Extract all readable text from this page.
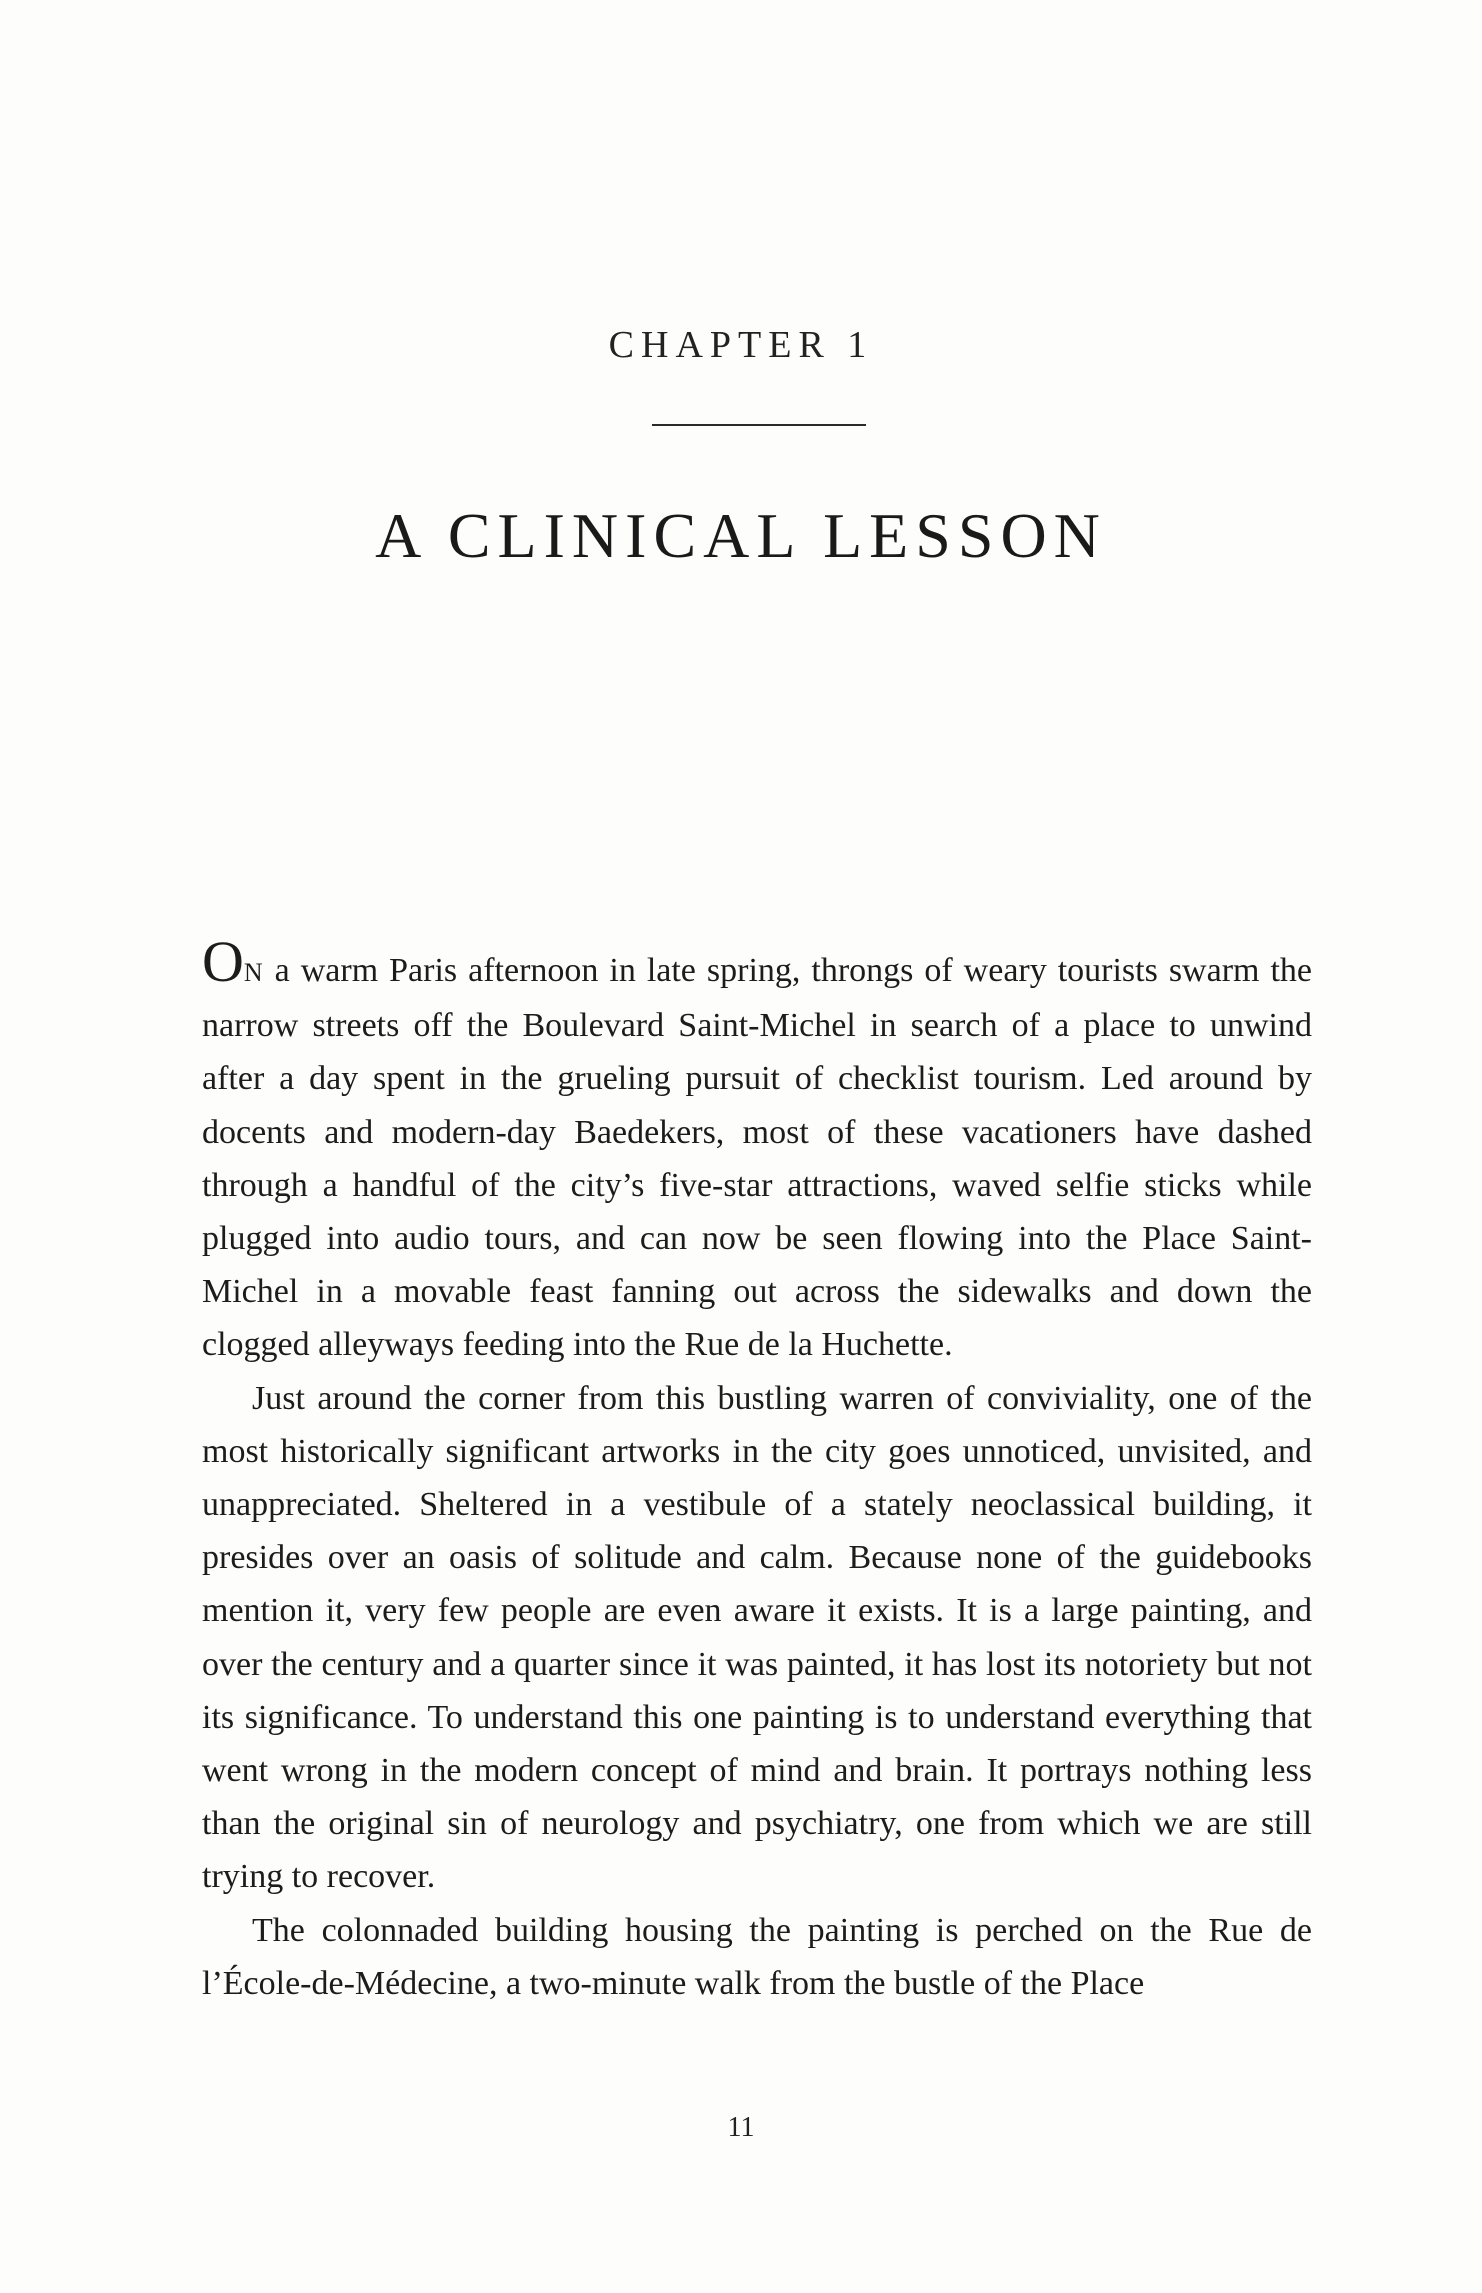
CHAPTER 1
A CLINICAL LESSON

ON a warm Paris afternoon in late spring, throngs of weary tourists swarm the narrow streets off the Boulevard Saint-Michel in search of a place to unwind after a day spent in the grueling pursuit of checklist tourism. Led around by docents and modern-day Baedekers, most of these vacationers have dashed through a handful of the city’s five-star attractions, waved selfie sticks while plugged into audio tours, and can now be seen flowing into the Place Saint-Michel in a movable feast fanning out across the sidewalks and down the clogged alleyways feeding into the Rue de la Huchette.

Just around the corner from this bustling warren of conviviality, one of the most historically significant artworks in the city goes unnoticed, unvisited, and unappreciated. Sheltered in a vestibule of a stately neoclassical building, it presides over an oasis of solitude and calm. Because none of the guidebooks mention it, very few people are even aware it exists. It is a large painting, and over the century and a quarter since it was painted, it has lost its notoriety but not its significance. To understand this one painting is to understand everything that went wrong in the modern concept of mind and brain. It portrays nothing less than the original sin of neurology and psychiatry, one from which we are still trying to recover.

The colonnaded building housing the painting is perched on the Rue de l’École-de-Médecine, a two-minute walk from the bustle of the Place

11
